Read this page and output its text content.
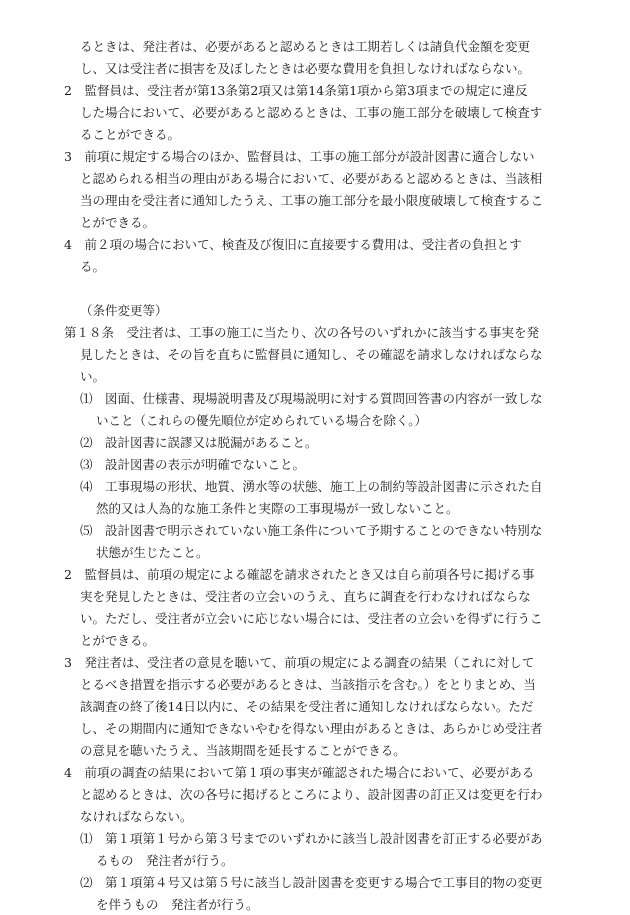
るときは、発注者は、必要があると認めるときは工期若しくは請負代金額を変更
し、又は受注者に損害を及ぼしたときは必要な費用を負担しなければならない。
2　監督員は、受注者が第13条第2項又は第14条第1項から第3項までの規定に違反
した場合において、必要があると認めるときは、工事の施工部分を破壊して検査す
ることができる。
3　前項に規定する場合のほか、監督員は、工事の施工部分が設計図書に適合しない
と認められる相当の理由がある場合において、必要があると認めるときは、当該相
当の理由を受注者に通知したうえ、工事の施工部分を最小限度破壊して検査するこ
とができる。
4　前２項の場合において、検査及び復旧に直接要する費用は、受注者の負担とす
る。
（条件変更等）
第１８条　受注者は、工事の施工に当たり、次の各号のいずれかに該当する事実を発
見したときは、その旨を直ちに監督員に通知し、その確認を請求しなければならな
い。
⑴　図面、仕様書、現場説明書及び現場説明に対する質問回答書の内容が一致しな
いこと（これらの優先順位が定められている場合を除く。）
⑵　設計図書に誤謬又は脱漏があること。
⑶　設計図書の表示が明確でないこと。
⑷　工事現場の形状、地質、湧水等の状態、施工上の制約等設計図書に示された自
然的又は人為的な施工条件と実際の工事現場が一致しないこと。
⑸　設計図書で明示されていない施工条件について予期することのできない特別な
状態が生じたこと。
2　監督員は、前項の規定による確認を請求されたとき又は自ら前項各号に掲げる事
実を発見したときは、受注者の立会いのうえ、直ちに調査を行わなければならな
い。ただし、受注者が立会いに応じない場合には、受注者の立会いを得ずに行うこ
とができる。
3　発注者は、受注者の意見を聴いて、前項の規定による調査の結果（これに対して
とるべき措置を指示する必要があるときは、当該指示を含む。）をとりまとめ、当
該調査の終了後14日以内に、その結果を受注者に通知しなければならない。ただ
し、その期間内に通知できないやむを得ない理由があるときは、あらかじめ受注者
の意見を聴いたうえ、当該期間を延長することができる。
4　前項の調査の結果において第１項の事実が確認された場合において、必要がある
と認めるときは、次の各号に掲げるところにより、設計図書の訂正又は変更を行わ
なければならない。
⑴　第１項第１号から第３号までのいずれかに該当し設計図書を訂正する必要があ
るもの　発注者が行う。
⑵　第１項第４号又は第５号に該当し設計図書を変更する場合で工事目的物の変更
を伴うもの　発注者が行う。
